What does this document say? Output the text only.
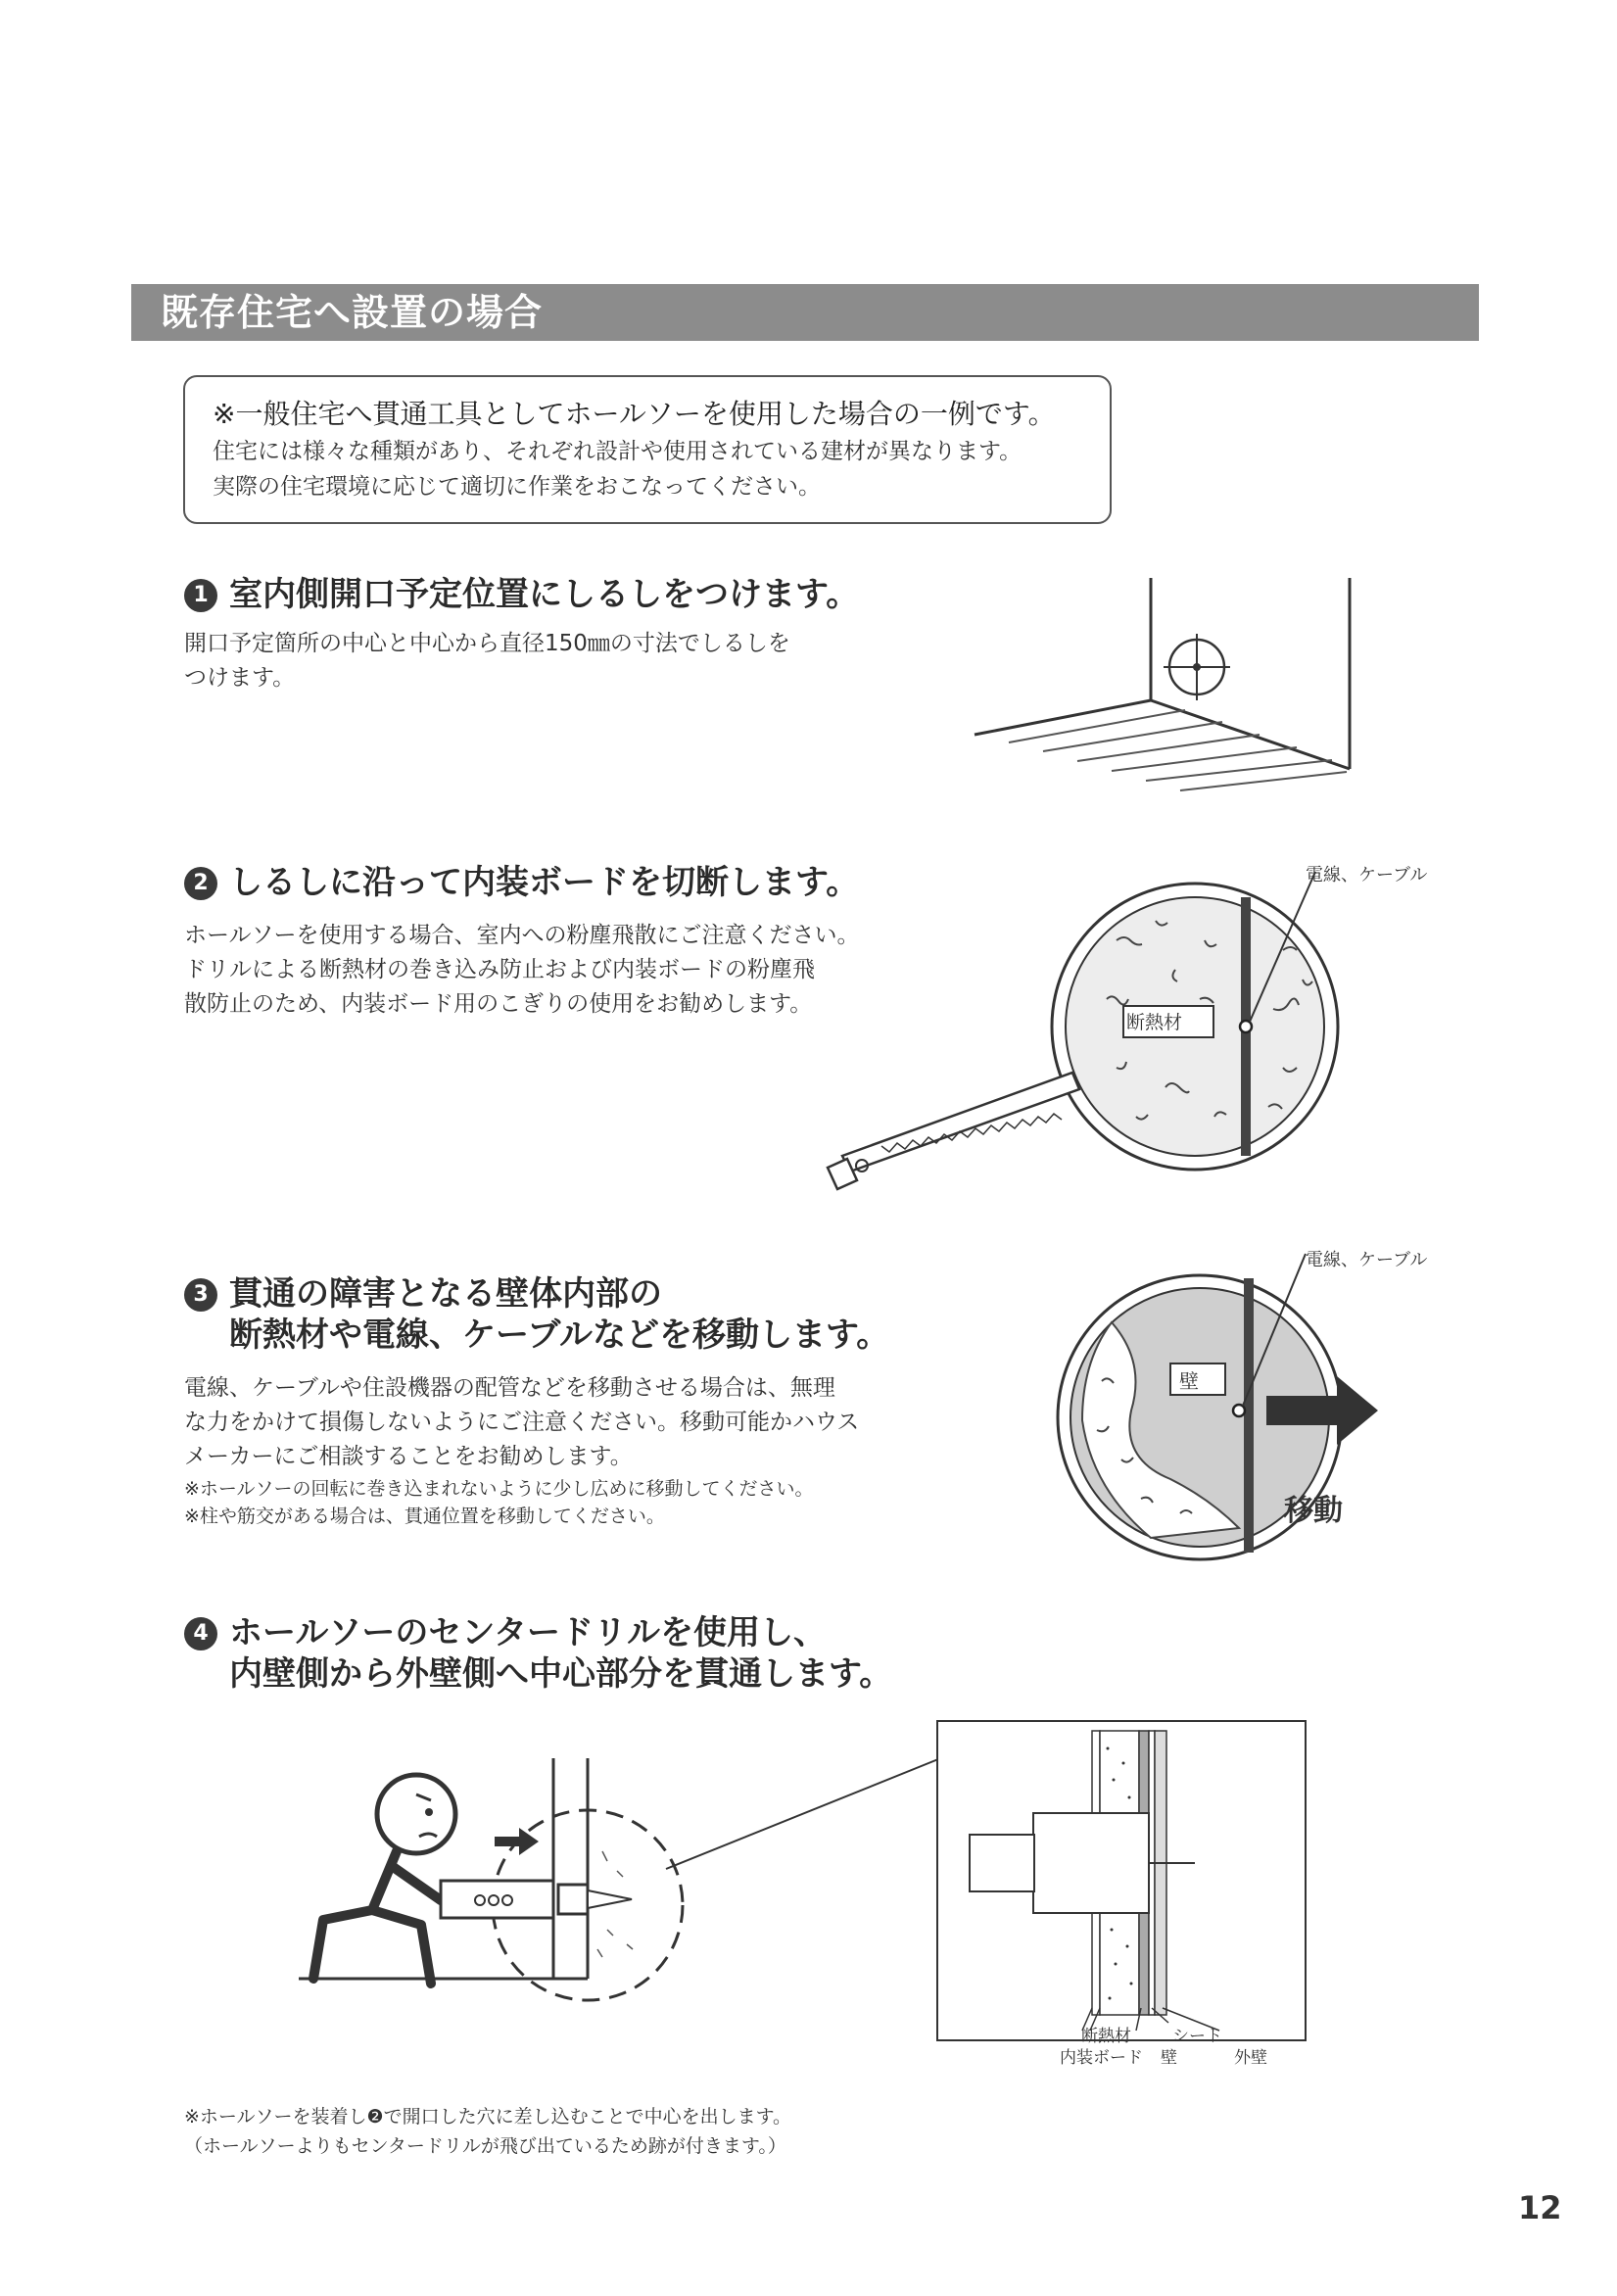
既存住宅へ設置の場合
※一般住宅へ貫通工具としてホールソーを使用した場合の一例です。
住宅には様々な種類があり、それぞれ設計や使用されている建材が異なります。
実際の住宅環境に応じて適切に作業をおこなってください。
1 室内側開口予定位置にしるしをつけます。
開口予定箇所の中心と中心から直径150㎜の寸法でしるしを
つけます。
2 しるしに沿って内装ボードを切断します。
ホールソーを使用する場合、室内への粉塵飛散にご注意ください。
ドリルによる断熱材の巻き込み防止および内装ボードの粉塵飛
散防止のため、内装ボード用のこぎりの使用をお勧めします。
電線、ケーブル
断熱材
3 貫通の障害となる壁体内部の
断熱材や電線、ケーブルなどを移動します。
電線、ケーブルや住設機器の配管などを移動させる場合は、無理
な力をかけて損傷しないようにご注意ください。移動可能かハウス
メーカーにご相談することをお勧めします。
※ホールソーの回転に巻き込まれないように少し広めに移動してください。
※柱や筋交がある場合は、貫通位置を移動してください。
電線、ケーブル
壁
移動
4 ホールソーのセンタードリルを使用し、
内壁側から外壁側へ中心部分を貫通します。
断熱材
内装ボード 壁
シート
外壁
※ホールソーを装着し❷で開口した穴に差し込むことで中心を出します。
（ホールソーよりもセンタードリルが飛び出ているため跡が付きます。）
12
